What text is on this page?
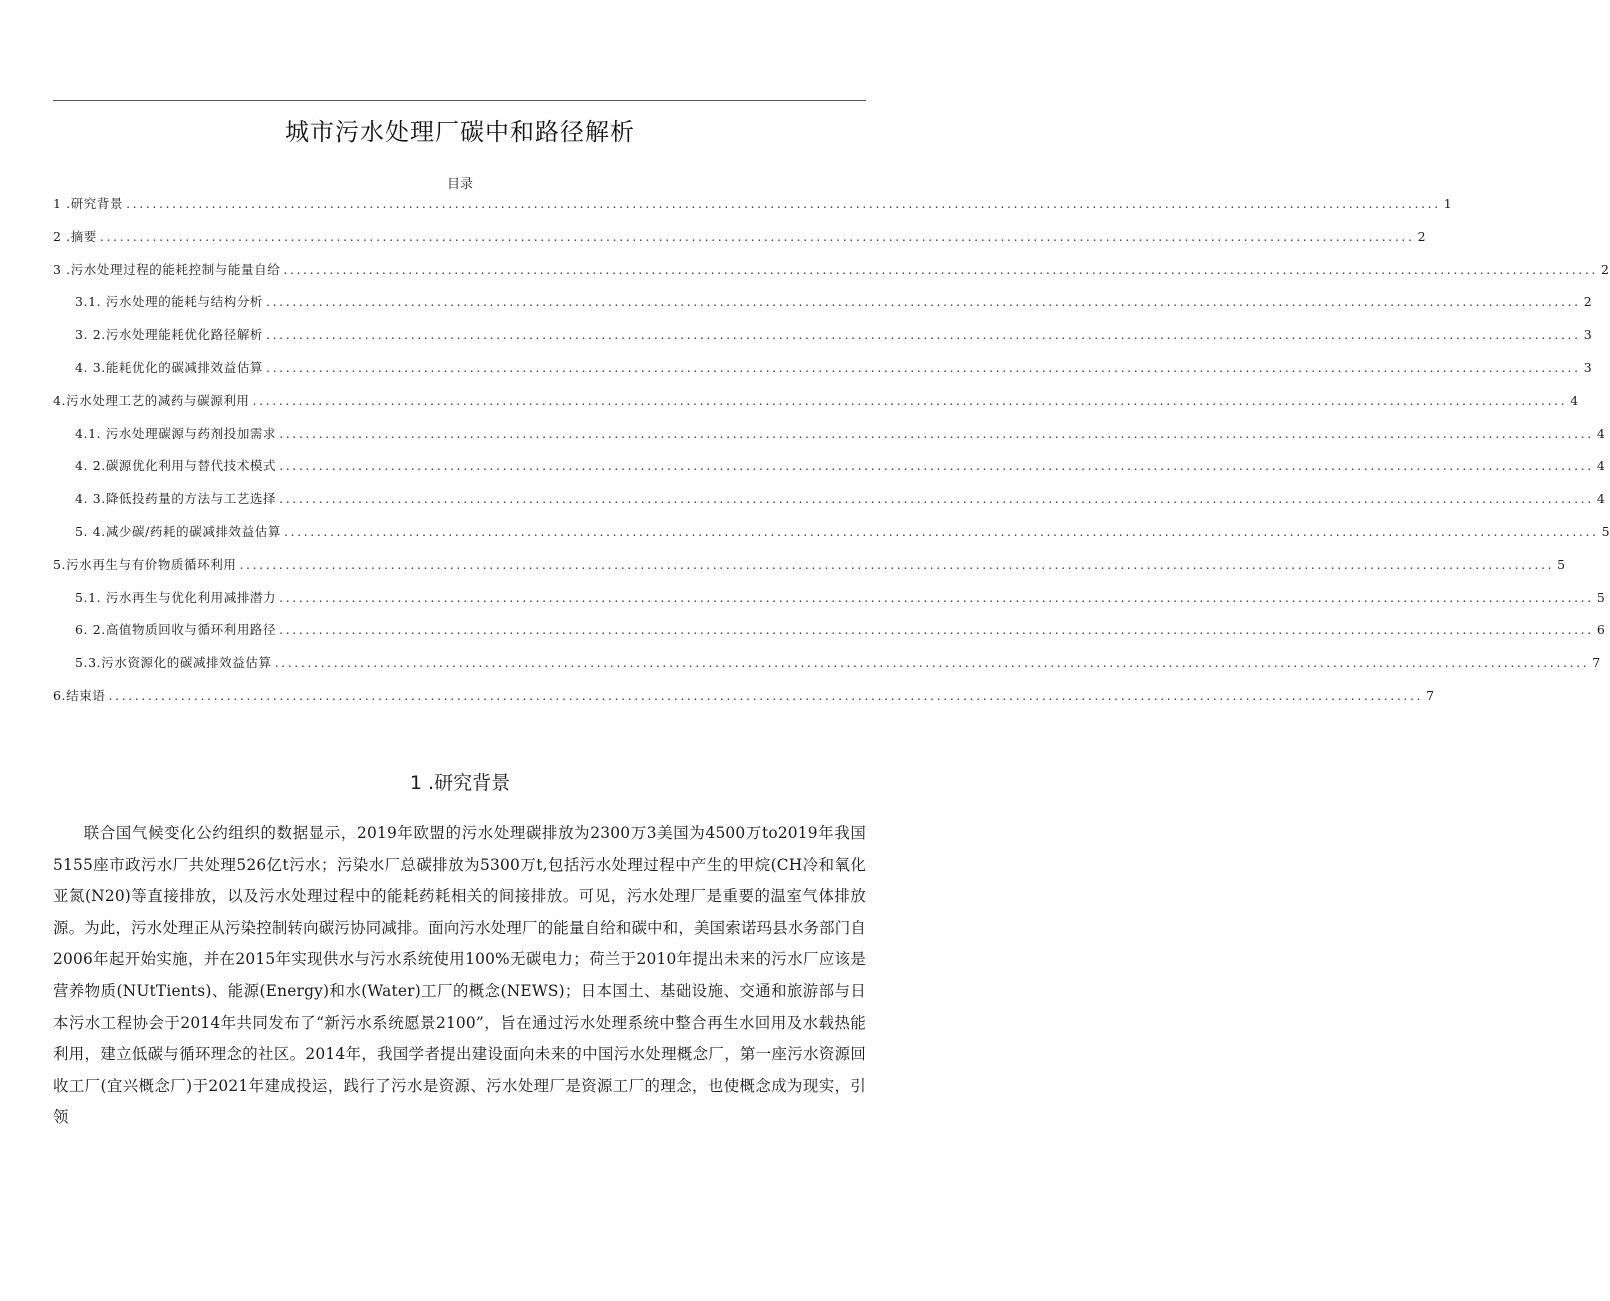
城市污水处理厂碳中和路径解析
目录
1 .研究背景 ........................................................................................................................................................................................................ 1
2 .摘要 ........................................................................................................................................................................................................ 2
3 .污水处理过程的能耗控制与能量自给 ........................................................................................................................................................................................................ 2
3.1. 污水处理的能耗与结构分析 ........................................................................................................................................................................................................ 2
3. 2.污水处理能耗优化路径解析 ........................................................................................................................................................................................................ 3
4. 3.能耗优化的碳减排效益估算 ........................................................................................................................................................................................................ 3
4.污水处理工艺的减药与碳源利用 ........................................................................................................................................................................................................ 4
4.1. 污水处理碳源与药剂投加需求 ........................................................................................................................................................................................................ 4
4. 2.碳源优化利用与替代技术模式 ........................................................................................................................................................................................................ 4
4. 3.降低投药量的方法与工艺选择 ........................................................................................................................................................................................................ 4
5. 4.减少碳/药耗的碳减排效益估算 ........................................................................................................................................................................................................ 5
5.污水再生与有价物质循环利用 ........................................................................................................................................................................................................ 5
5.1. 污水再生与优化利用减排潜力 ........................................................................................................................................................................................................ 5
6. 2.高值物质回收与循环利用路径 ........................................................................................................................................................................................................ 6
5.3.污水资源化的碳减排效益估算 ........................................................................................................................................................................................................ 7
6.结束语 ........................................................................................................................................................................................................ 7
1 .研究背景
联合国气候变化公约组织的数据显示，2019年欧盟的污水处理碳排放为2300万3美国为4500万to2019年我国5155座市政污水厂共处理526亿t污水；污染水厂总碳排放为5300万t,包括污水处理过程中产生的甲烷(CH冷和氧化亚氮(N20)等直接排放，以及污水处理过程中的能耗药耗相关的间接排放。可见，污水处理厂是重要的温室气体排放源。为此，污水处理正从污染控制转向碳污协同减排。面向污水处理厂的能量自给和碳中和，美国索诺玛县水务部门自2006年起开始实施，并在2015年实现供水与污水系统使用100%无碳电力；荷兰于2010年提出未来的污水厂应该是营养物质(NUtTients)、能源(Energy)和水(Water)工厂的概念(NEWS)；日本国土、基础设施、交通和旅游部与日本污水工程协会于2014年共同发布了“新污水系统愿景2100”，旨在通过污水处理系统中整合再生水回用及水载热能利用，建立低碳与循环理念的社区。2014年，我国学者提出建设面向未来的中国污水处理概念厂，第一座污水资源回收工厂(宜兴概念厂)于2021年建成投运，践行了污水是资源、污水处理厂是资源工厂的理念，也使概念成为现实，引领
